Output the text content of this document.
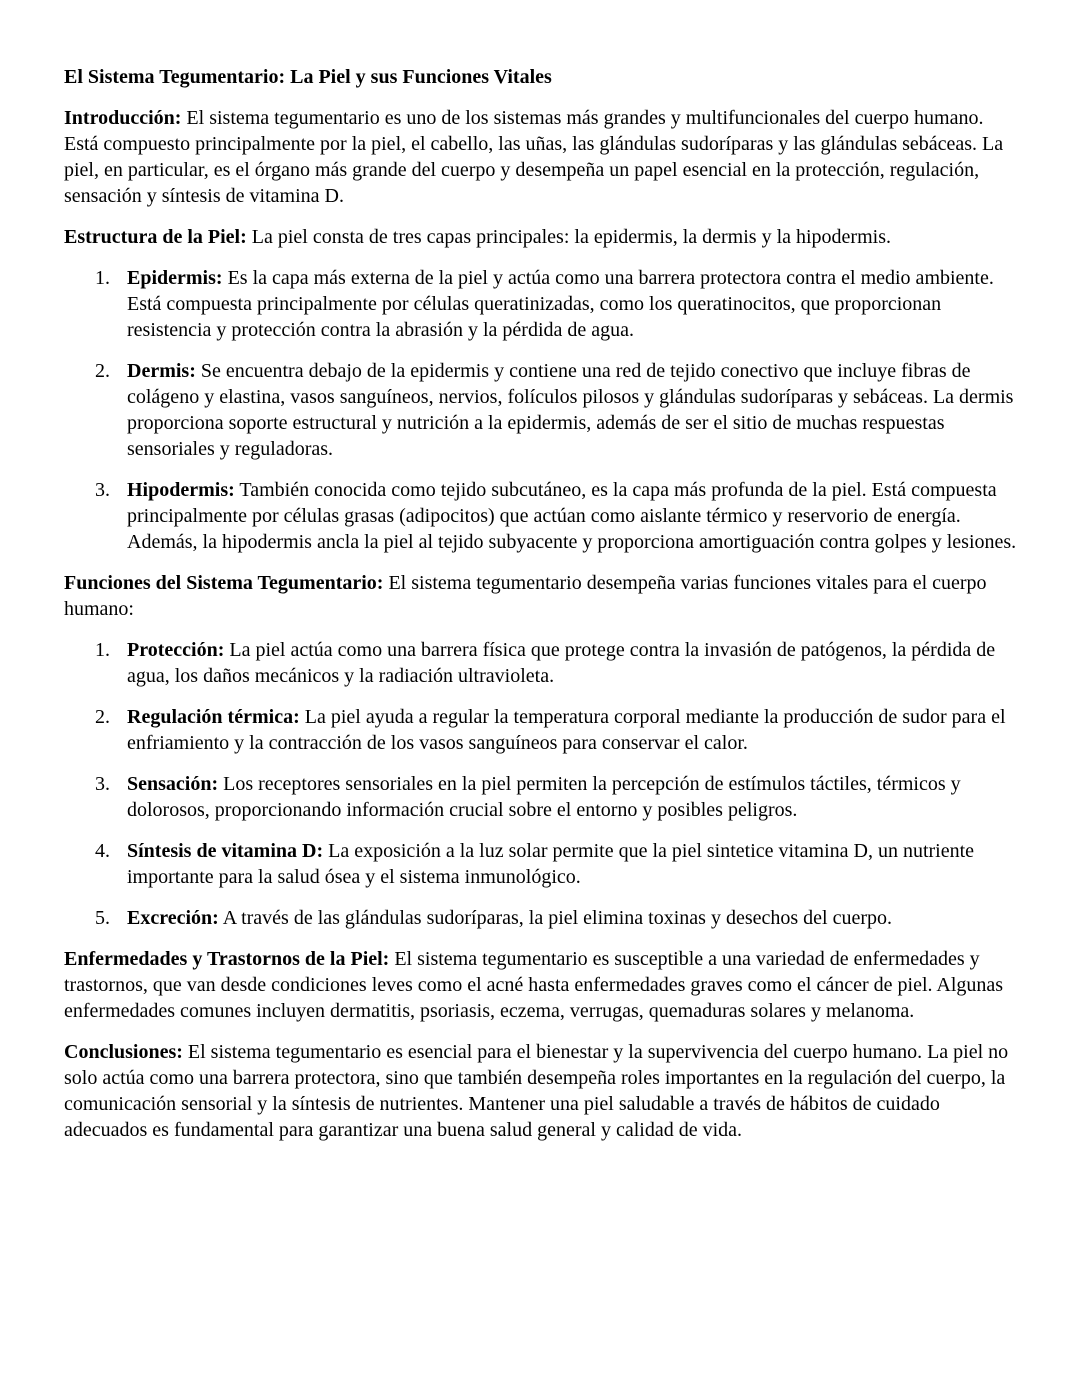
El Sistema Tegumentario: La Piel y sus Funciones Vitales

Introducción: El sistema tegumentario es uno de los sistemas más grandes y multifuncionales del cuerpo humano. Está compuesto principalmente por la piel, el cabello, las uñas, las glándulas sudoríparas y las glándulas sebáceas. La piel, en particular, es el órgano más grande del cuerpo y desempeña un papel esencial en la protección, regulación, sensación y síntesis de vitamina D.

Estructura de la Piel: La piel consta de tres capas principales: la epidermis, la dermis y la hipodermis.

1. Epidermis: Es la capa más externa de la piel y actúa como una barrera protectora contra el medio ambiente. Está compuesta principalmente por células queratinizadas, como los queratinocitos, que proporcionan resistencia y protección contra la abrasión y la pérdida de agua.
2. Dermis: Se encuentra debajo de la epidermis y contiene una red de tejido conectivo que incluye fibras de colágeno y elastina, vasos sanguíneos, nervios, folículos pilosos y glándulas sudoríparas y sebáceas. La dermis proporciona soporte estructural y nutrición a la epidermis, además de ser el sitio de muchas respuestas sensoriales y reguladoras.
3. Hipodermis: También conocida como tejido subcutáneo, es la capa más profunda de la piel. Está compuesta principalmente por células grasas (adipocitos) que actúan como aislante térmico y reservorio de energía. Además, la hipodermis ancla la piel al tejido subyacente y proporciona amortiguación contra golpes y lesiones.

Funciones del Sistema Tegumentario: El sistema tegumentario desempeña varias funciones vitales para el cuerpo humano:

1. Protección: La piel actúa como una barrera física que protege contra la invasión de patógenos, la pérdida de agua, los daños mecánicos y la radiación ultravioleta.
2. Regulación térmica: La piel ayuda a regular la temperatura corporal mediante la producción de sudor para el enfriamiento y la contracción de los vasos sanguíneos para conservar el calor.
3. Sensación: Los receptores sensoriales en la piel permiten la percepción de estímulos táctiles, térmicos y dolorosos, proporcionando información crucial sobre el entorno y posibles peligros.
4. Síntesis de vitamina D: La exposición a la luz solar permite que la piel sintetice vitamina D, un nutriente importante para la salud ósea y el sistema inmunológico.
5. Excreción: A través de las glándulas sudoríparas, la piel elimina toxinas y desechos del cuerpo.

Enfermedades y Trastornos de la Piel: El sistema tegumentario es susceptible a una variedad de enfermedades y trastornos, que van desde condiciones leves como el acné hasta enfermedades graves como el cáncer de piel. Algunas enfermedades comunes incluyen dermatitis, psoriasis, eczema, verrugas, quemaduras solares y melanoma.

Conclusiones: El sistema tegumentario es esencial para el bienestar y la supervivencia del cuerpo humano. La piel no solo actúa como una barrera protectora, sino que también desempeña roles importantes en la regulación del cuerpo, la comunicación sensorial y la síntesis de nutrientes. Mantener una piel saludable a través de hábitos de cuidado adecuados es fundamental para garantizar una buena salud general y calidad de vida.
